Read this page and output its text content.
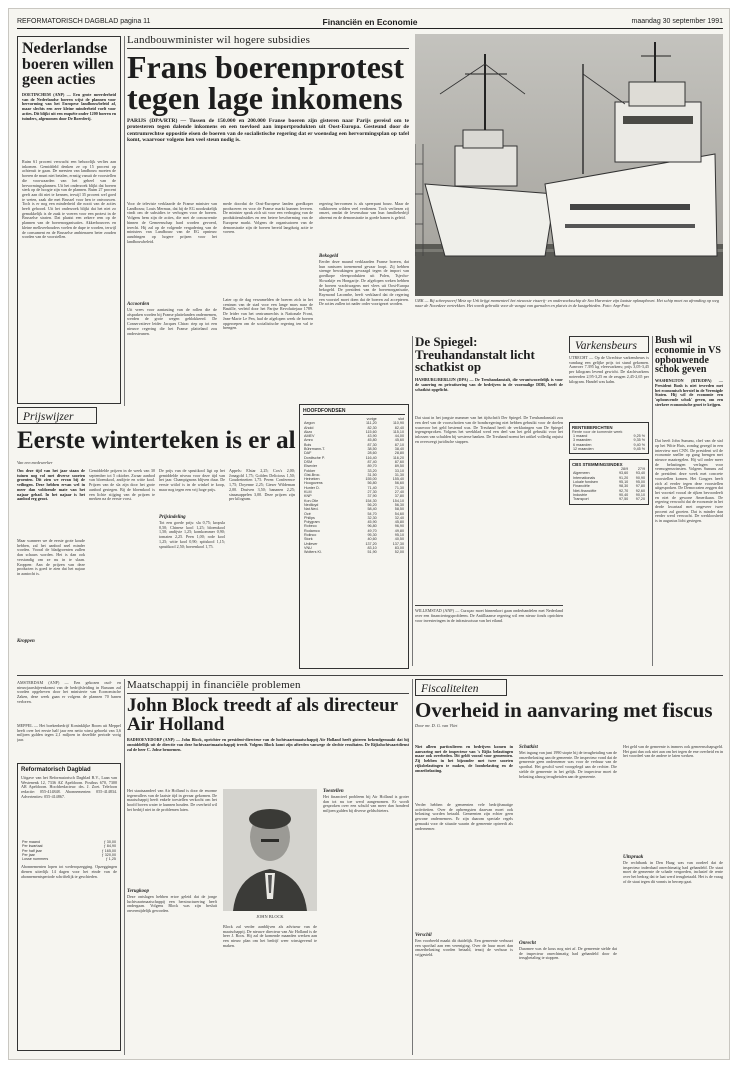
REFORMATORISCH DAGBLAD pagina 11	Financiën en Economie	maandag 30 september 1991
Nederlandse boeren willen geen acties
DOETINCHEM (ANP) — Een grote meerderheid van de Nederlandse boeren wijst de plannen voor hervorming van het Europese landbouwbeleid af, maar slechts een zeer kleine minderheid voelt voor acties. Dit blijkt uit een enquête onder 1200 boeren en tuinders, afgenomen door De Boerderij.
Ruim 61 procent verwacht een behoorlijk verlies aan inkomen. Gemiddeld denken ze op 15 procent op achteruit te gaan. De meesten van landbouw moeten de boeren de munt niet betalen, ernstig vanuit de voorstellen die voorwaarden van het geheel van de hervormingsplannen. Uit het onderzoek blijkt dat boeren sterk op de hoogte zijn van de plannen. Ruim 27 procent geeft aan dit niet te kennen, terwijl 35 procent wel goed te weten, zaak die met Brussel voor hen te ontvouwen. Toch is er nog een minderheid die nooit van de acties heeft gehoord. Uit het onderzoek blijkt dat het niet zo gemakkelijk is de zaak te voeren voor een protest in de Brusselse straten. Dat plaatst een zekere rem op de plannen van de boerenorganisaties. Akkerbouwers en kleine melkveehouders voelen de dupe te worden, terwijl de consument en de Brusselse ambtenaren beter zouden worden van de voorstellen.
Landbouwminister wil hogere subsidies
Frans boerenprotest tegen lage inkomens
PARIJS (DPA/RTR) — Tussen de 150.000 en 200.000 Franse boeren zijn gisteren naar Parijs gereisd om te protesteren tegen dalende inkomens en een toevloed aan importprodukten uit Oost-Europa. Gesteund door de centrumrechtse oppositie eisen de boeren van de socialistische regering dat er woensdag een hervormingsplan op tafel komt, waarvoor volgens hen veel steun nodig is.
Voor de televisie verklaarde de Franse minister van Landbouw, Louis Mermaz, dat hij de EG noodzakelijk vindt om de subsidies te verhogen voor de boeren. Volgens hem zijn de acties, die met de concurrentie binnen de Gemeenschap hard worden gevoerd, terecht. Hij zal op de volgende vergadering van de ministers van Landbouw van de EG opnieuw aandringen op hogere prijzen voor het landbouwbeleid.
Accoorden
Uit vrees voor aantasting van de rollen die de afspraken worden bij Franse plattelanden ondernemen, werden de grote wegen geblokkeerd. De Conservatieve leider Jacques Chirac riep op tot een nieuwe regering die het Franse platteland zou ondersteunen.
mede doordat de Oost-Europese landen goedkoper produceren en voor de Franse markt kunnen leveren. De minister sprak zich uit voor een verhoging van de produktiesubsidies en een betere bescherming van de Europese markt. Volgens de organisatoren van de demonstratie zijn de boeren bereid langdurig actie te voeren.
Later op de dag verzamelden de boeren zich in het centrum van de stad voor een lange mars naar de Bastille, verleid door het Parijse Revolutiejaar 1789. De leider van het centrumrechts is Nationale Front, Jean-Marie Le Pen, had de afgelopen week de boeren opgeroepen om de socialistische regering ten val te brengen.
regering hervormen is als speerpunt bouw. Maar de valkboeren wilden veel verdienen. Toch verliezen zij omzet, omdat de levensduur van hun familiebedrijf afneemt en de demonstratie in goede banen is geleid.
Bekogeld
Eerder deze maand verklaarden Franse boeren, dat hun rantsoen toenemend gevaar loopt. Zij hebben strenge bewakingen gevraagd tegen de import van goedkope vleesprodukten uit Polen, Tsjecho-Slowakije en Hongarije. De afgelopen weken hebben de boeren vrachtwagens met vlees uit Oost-Europa bekogeld. De president van de boerenorganisatie, Raymond Lacombe, heeft verklaard dat de regering een voorstel moet doen dat de boeren zal accepteren. De acties zullen tot nader order voortgezet worden.
URK — Bij scheepswerf Metz op Urk krijgt momenteel het nieuwste visserij- en onderzoeksschip de Sea Harvester zijn laatste opknapbeurt. Het schip moet na afronding op weg naar de Noordzee vertrekken. Het wordt gebruikt voor de vangst van garnalen en platvis in de kustgebieden. Foto: Anp-Foto
De Spiegel: Treuhandanstalt licht schatkist op
HAMBURG/BERLIJN (DPA) — De Treuhandanstalt, die verantwoordelijk is voor de sanering en privatisering van de bedrijven in de voormalige DDR, heeft de schatkist opgelicht.
Dat staat in het jongste nummer van het tijdschrift Der Spiegel. De Treuhandanstalt zou een deel van de voorschotten van de bondsregering niet hebben gebruikt voor de doelen waarvoor het geld bestemd was. De Treuhand heeft de verklaringen van De Spiegel tegengesproken. Volgens het weekblad werd een deel van het geld gebruikt voor het inlossen van schulden bij westerse banken. De Treuhand noemt het artikel volledig onjuist en overweegt juridische stappen.
WILLEMSTAD (ANP) — Curaçao moet binnenkort gaan onderhandelen met Nederland over een financieringsprobleem. De Antilliaanse regering wil een nieuw fonds oprichten voor investeringen in de infrastructuur van het eiland.
HOOFDFONDSEN
	vorige	slot
Aegon	111,20	110,90
Ahold	82,30	82,40
Akzo	115,60	115,10
AMEV	43,90	44,00
Amro	45,80	45,60
Bols	87,30	87,10
Bührmann-T.	38,50	38,40
DAF	28,60	28,80
Dordtsche P.	116,40	116,20
DSM	87,40	87,60
Elsevier	89,70	89,50
Fokker	33,20	33,10
Gist-Broc.	31,50	31,30
Heineken	155,00	155,40
Hoogovens	56,80	56,60
Hunter D.	71,40	71,30
KLM	27,30	27,40
KNP	37,90	37,80
Kon.Olie	154,30	154,10
Nedlloyd	56,20	56,30
Nat.Ned.	58,40	58,50
Océ	54,70	54,60
Philips	32,30	32,40
Polygram	45,90	45,80
Robeco	96,80	96,90
Rodamco	49,70	49,80
Rolinco	95,30	95,10
Stork	40,60	40,50
Unilever	137,20	137,30
VNU	83,10	83,00
Wolters Kl.	51,90	52,00
Varkensbeurs
UTRECHT — Op de Utrechtse varkensbeurs is vandaag een gelijke prijs tot stand gekomen. Aanvoer 7.395 kg vleesvarkens; prijs 3,05-3,45 per kilogram levend gewicht. De slachtvarkens noteerden 2,95-3,25 en de zeugen 2,45-2,65 per kilogram. Handel was kalm.
RENTEBERICHTEN
Rente voor de komende week
1 maand	9,25 %
3 maanden	9,35 %
6 maanden	9,40 %
12 maanden	9,45 %
CBS STEMMINGSINDEX
	28/9	27/9
Algemeen	93,60	93,40
Internationals	91,20	90,90
Lokale fondsen	95,10	95,00
Financiële	98,30	97,80
Niet-financiële	92,70	92,60
Industrie	90,40	90,10
Transport	97,50	97,20
Bush wil economie in VS opbouwende schok geven
WASHINGTON (RTR/DPA) — President Bush is niet tevreden met het economisch herstel in de Verenigde Staten. Hij wil de economie een 'opbouwende schok' geven, om een sterkere economische groei te krijgen.
Dat heeft John Sununu, chef van de staf op het Witte Huis, zondag gezegd in een interview met CNN. De president wil de economie sneller op gang brengen met nieuwe maatregelen. Hij wil onder meer de belastingen verlagen voor vermogenswinsten. Volgens Sununu zal de president deze week met concrete voorstellen komen. Het Congres heeft zich al eerder tegen deze voorstellen uitgesproken. De Democraten zeggen dat het voorstel vooral de rijken bevoordeelt en niet de gewone Amerikaan. De regering verwacht dat de economie in het derde kwartaal met ongeveer twee procent zal groeien. Dat is minder dan eerder werd verwacht. De werkloosheid is in augustus licht gestegen.
Prijswijzer
Eerste winterteken is er al
Van een medewerker
Om deze tijd van het jaar staan de tuinen nog vol met diverse soorten groenten. Dit zien we ervan bij de veilingen. Deze hebben ervan wel in meer dan voldoende mate van het najaar gehad. In het najaar is het aanbod erg groot.
Maar wanneer we de eerste grote koude hebben, zal het aanbod snel minder worden. Vooral de bladgroenten zullen dan schaars worden. Het is dan ook verstandig om ze nu in te slaan. Kroppen: Aan de prijzen van deze producten is goed te zien dat het najaar in aantocht is.
Kroppen
Gemiddelde prijzen in de week van 30 september tot 5 oktober. Zwaar aanbod van bloemkool, andijvie en witte kool. Prijzen van de sla zijn door het grote aanbod gestegen. Bij de bloemkool is een lichte stijging van de prijzen te merken na de eerste vorst.
De prijs van de spruitkool ligt op het gemiddelde niveau voor deze tijd van het jaar. Champignons blijven duur. De eerste witlof is in de winkel te koop, maar nog tegen een vrij hoge prijs.
Prijsindeling
Tot een goede prijs: sla 0,75; kropsla 0,50; Chinese kool 1,25; bloemkool 1,50; andijvie 1,25; komkommer 0,90; tomaten 2,25. Peen 1,00; rode kool 1,25; witte kool 0,90; spitskool 1,15; spruitkool 2,50; boerenkool 1,75.
Appels: Elstar 2,25; Cox's 2,00; Jonagold 1,75; Golden Delicious 1,50; Goudreinetten 1,75. Peren: Conference 1,75; Doyenne 2,25; Gieser Wildeman 2,00. Druiven 3,50; bananen 2,25; sinaasappelen 3,00. Deze prijzen zijn per kilogram.
AMSTERDAM (ANP) — Een gekozen oud- en nieuwjaarsbijeenkomst van de bedrijfsleiding in Bussum zal worden opgeheven door het ministerie van Economische Zaken, deze week gaan er volgens de plannen 70 banen verloren.
MEPPEL — Het boekenbedrijf Koninklijke Boom uit Meppel heeft over het eerste half jaar een netto winst geboekt van 3,6 miljoen gulden tegen 2,1 miljoen in dezelfde periode vorig jaar.
Reformatorisch Dagblad
Uitgave van het Reformatorisch Dagblad B.V., Laan van Westenenk 12, 7336 AZ Apeldoorn. Postbus 670, 7300 AR Apeldoorn. Hoofdredacteur: drs. J. Zoet. Telefoon redactie: 055-414848. Abonnementen: 055-414834. Advertenties: 055-414867.
Per maand	ƒ 30,00
Per kwartaal	ƒ 84,90
Per half jaar	ƒ 165,00
Per jaar	ƒ 320,00
Losse nummers	ƒ 1,25
Abonnementen lopen tot wederopzegging. Opzeggingen dienen uiterlijk 14 dagen voor het einde van de abonnementsperiode schriftelijk te geschieden.
Maatschappij in financiële problemen
John Block treedt af als directeur Air Holland
BADHOEVEDORP (ANP) — John Block, oprichter en president-directeur van de luchtvaartmaatschappij Air Holland heeft gisteren bekendgemaakt dat hij onmiddellijk uit de directie van deze luchtvaartmaatschappij treedt. Volgens Block komt zijn aftreden vanwege de slechte resultaten. De Rijksluchtvaartdienst zal de heer C. Jobse benoemen.
Het staatsaandeel van Air Holland is door de enorme tegenvallers van de laatste tijd in gevaar gekomen. De maatschappij heeft enkele toestellen verkocht om het hoofd boven water te kunnen houden. De overheid wil het bedrijf niet in de problemen laten.
Terugkoop
Deze ontslagen hebben ertoe geleid dat de jonge luchtvaartmaatschappij een herstructurering heeft ondergaan. Volgens Block was zijn besluit onvermijdelijk geworden.
JOHN BLOCK
Block zal verder aanblijven als adviseur van de maatschappij. De nieuwe directeur van Air Holland is de heer J. Roos. Hij zal de komende maanden werken aan een nieuw plan om het bedrijf weer winstgevend te maken.
Toestellen
Het financieel probleem bij Air Holland is groter dan tot nu toe werd aangenomen. Er wordt gesproken over een schuld van meer dan honderd miljoen gulden bij diverse geldschieters.
Fiscaliteiten
Overheid in aanvaring met fiscus
Door mr. D. G. van Vliet
Niet alleen particulieren en bedrijven komen in aanvaring met de inspecteur van 's Rijks belastingen maar ook overheden. Dit geldt vooral voor gemeenten. Zij hebben in het bijzonder met twee soorten rijksbelastingen te maken, de loonbelasting en de omzetbelasting.
Verder hebben de gemeenten vele bedrijfsmatige activiteiten. Over de opbrengsten daarvan moet ook belasting worden betaald. Gemeenten zijn echter geen gewone ondernemers. Er zijn daarom speciale regels gemaakt voor de situatie waarin de gemeente optreedt als ondernemer.
Verschil
Een voorbeeld maakt dit duidelijk. Een gemeente verhuurt een sporthal aan een vereniging. Over de huur moet dan omzetbelasting worden betaald, tenzij de verhuur is vrijgesteld.
Schatkist
Met ingang van juni 1990 stopte hij de terugbetaling van de omzetbelasting aan de gemeente. De inspecteur vond dat de gemeente geen ondernemer was voor de verhuur van de sporthal. Het geschil werd voorgelegd aan de rechter. Die stelde de gemeente in het gelijk. De inspecteur moet de belasting alsnog terugbetalen aan de gemeente.
Onrecht
Daarmee was de kous nog niet af. De gemeente stelde dat de inspecteur onrechtmatig had gehandeld door de terugbetaling te stoppen.
Het geld van de gemeente is immers ook gemeenschapsgeld. Het gaat dan ook niet aan om het tegen de ene overheid en in het voordeel van de andere te laten werken.
Uitspraak
De rechtbank in Den Haag was van oordeel dat de inspecteur inderdaad onrechtmatig had gehandeld. De staat moet de gemeente de schade vergoeden, inclusief de rente over het bedrag dat te laat werd terugbetaald. Het is de vraag of de staat tegen dit vonnis in beroep gaat.
